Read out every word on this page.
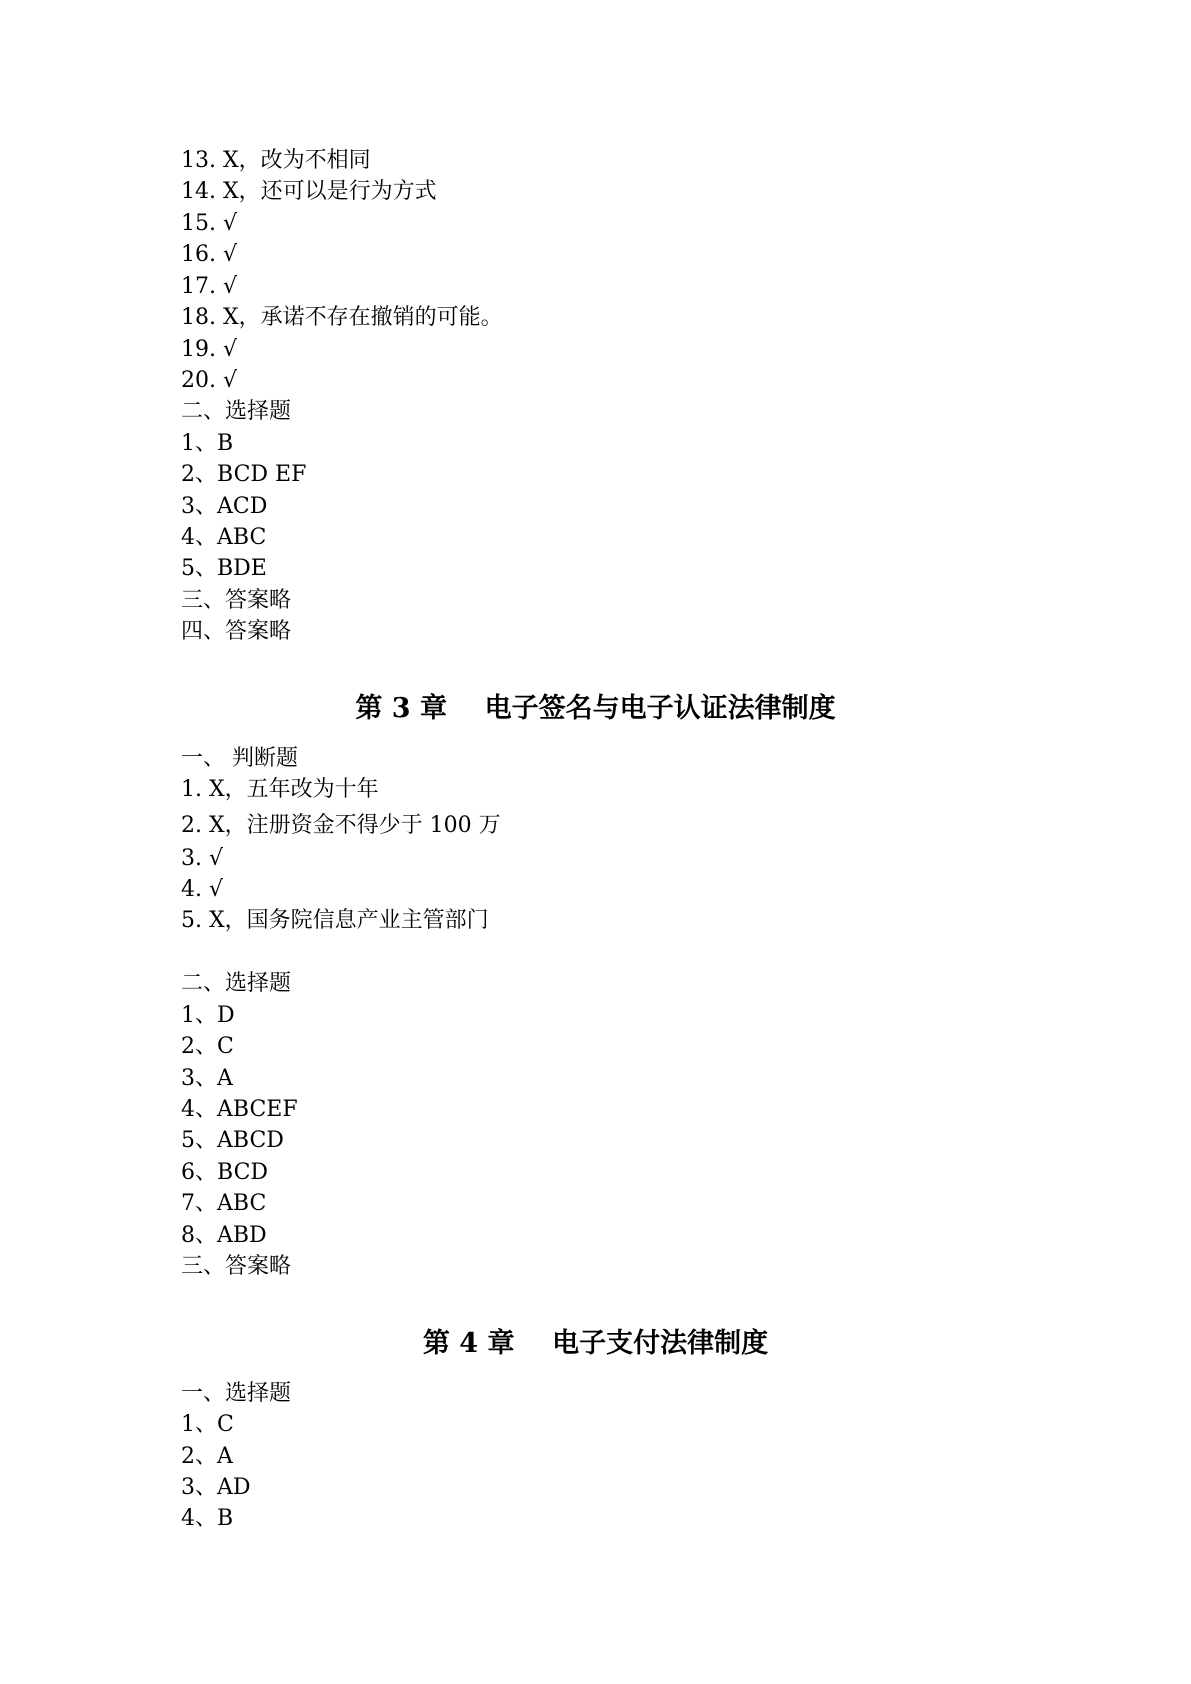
13. X，改为不相同
14. X，还可以是行为方式
15. √
16. √
17. √
18. X，承诺不存在撤销的可能。
19. √
20. √
二、选择题
1、B
2、BCD EF
3、ACD
4、ABC
5、BDE
三、答案略
四、答案略
第 3 章    电子签名与电子认证法律制度
一、 判断题
1. X，五年改为十年
2. X，注册资金不得少于 100 万
3. √
4. √
5. X，国务院信息产业主管部门
二、选择题
1、D
2、C
3、A
4、ABCEF
5、ABCD
6、BCD
7、ABC
8、ABD
三、答案略
第 4 章    电子支付法律制度
一、选择题
1、C
2、A
3、AD
4、B
